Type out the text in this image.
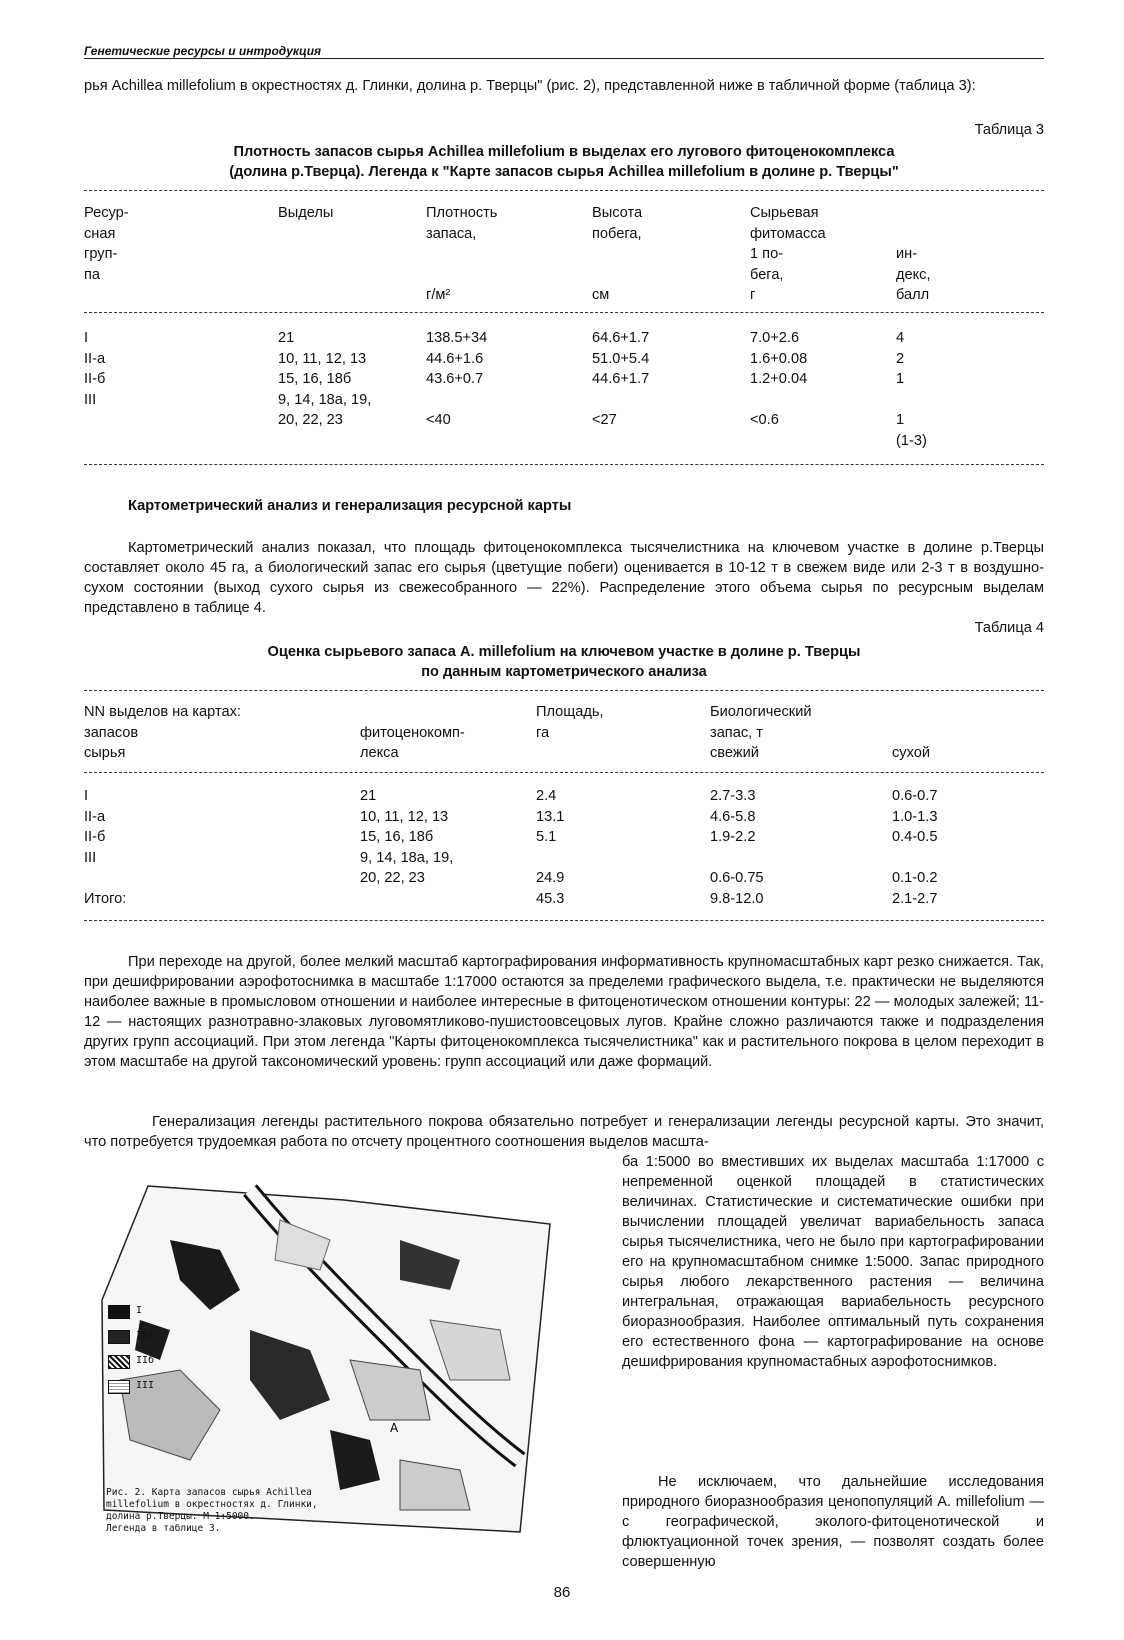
Генетические ресурсы и интродукция

рья Achillea millefolium в окрестностях д. Глинки, долина р. Тверцы" (рис. 2), представленной ниже в табличной форме (таблица 3):

Таблица 3
Плотность запасов сырья Achillea millefolium в выделах его лугового фитоценокомплекса
(долина р.Тверца). Легенда к "Карте запасов сырья Achillea millefolium в долине р. Тверцы"
Ресур-
сная
груп-
па
Выделы	Плотность
запаса,

г/м²
Высота
побега,

см
Сырьевая
фитомасса
1 по-
бега,
г

ин-
декс,
балл
I
II-а
II-б
III
21
10, 11, 12, 13
15, 16, 18б
9, 14, 18а, 19,
20, 22, 23
138.5+34
44.6+1.6
43.6+0.7

<40
64.6+1.7
51.0+5.4
44.6+1.7

<27
7.0+2.6
1.6+0.08
1.2+0.04

<0.6
4
2
1

1
(1-3)
Картометрический анализ и генерализация ресурсной карты

Картометрический анализ показал, что площадь фитоценокомплекса тысячелистника на ключевом участке в долине р.Тверцы составляет около 45 га, а биологический запас его сырья (цветущие побеги) оценивается в 10-12 т в свежем виде или 2-3 т в воздушно-сухом состоянии (выход сухого сырья из свежесобранного — 22%). Распределение этого объема сырья по ресурсным выделам представлено в таблице 4.

Таблица 4
Оценка сырьевого запаса A. millefolium на ключевом участке в долине р. Тверцы
по данным картометрического анализа
NN выделов на картах:
запасов
сырья

фитоценокомп-
лекса
Площадь,
га
Биологический
запас, т
свежий	

сухой
I
II-а
II-б
III

Итого:
21
10, 11, 12, 13
15, 16, 18б
9, 14, 18а, 19,
20, 22, 23
2.4
13.1
5.1

24.9
45.3
2.7-3.3
4.6-5.8
1.9-2.2

0.6-0.75
9.8-12.0
0.6-0.7
1.0-1.3
0.4-0.5

0.1-0.2
2.1-2.7

При переходе на другой, более мелкий масштаб картографирования информативность крупномасштабных карт резко снижается. Так, при дешифрировании аэрофотоснимка в масштабе 1:17000 остаются за пределеми графического выдела, т.е. практически не выделяются наиболее важные в промысловом отношении и наиболее интересные в фитоценотическом отношении контуры: 22 — молодых залежей; 11-12 — настоящих разнотравно-злаковых луговомятликово-пушистоовсецовых лугов. Крайне сложно различаются также и подразделения других групп ассоциаций. При этом легенда "Карты фитоценокомплекса тысячелистника" как и растительного покрова в целом переходит в этом масштабе на другой таксономический уровень: групп ассоциаций или даже формаций.

Генерализация легенды растительного покрова обязательно потребует и генерализации легенды ресурсной карты. Это значит, что потребуется трудоемкая работа по отсчету процентного соотношения выделов масшта-

ба 1:5000 во вместивших их выделах масштаба 1:17000 с непременной оценкой площадей в статистических величинах. Статистические и систематические ошибки при вычислении площадей увеличат вариабельность запаса сырья тысячелистника, чего не было при картографировании его на крупномасштабном снимке 1:5000. Запас природного сырья любого лекарственного растения — величина интегральная, отражающая вариабельность ресурсного биоразнообразия. Наиболее оптимальный путь сохранения его естественного фона — картографирование на основе дешифрирования крупномастабных аэрофотоснимков.

Не исключаем, что дальнейшие исследования природного биоразнообразия ценопопуляций A. millefolium — с географической, эколого-фитоценотической и флюктуационной точек зрения, — позволят создать более совершенную

А
I
IIа
IIб
III
Рис. 2. Карта запасов сырья Achillea
millefolium в окрестностях д. Глинки,
долина р.Тверцы. М 1:5000.
Легенда в таблице 3.
86
